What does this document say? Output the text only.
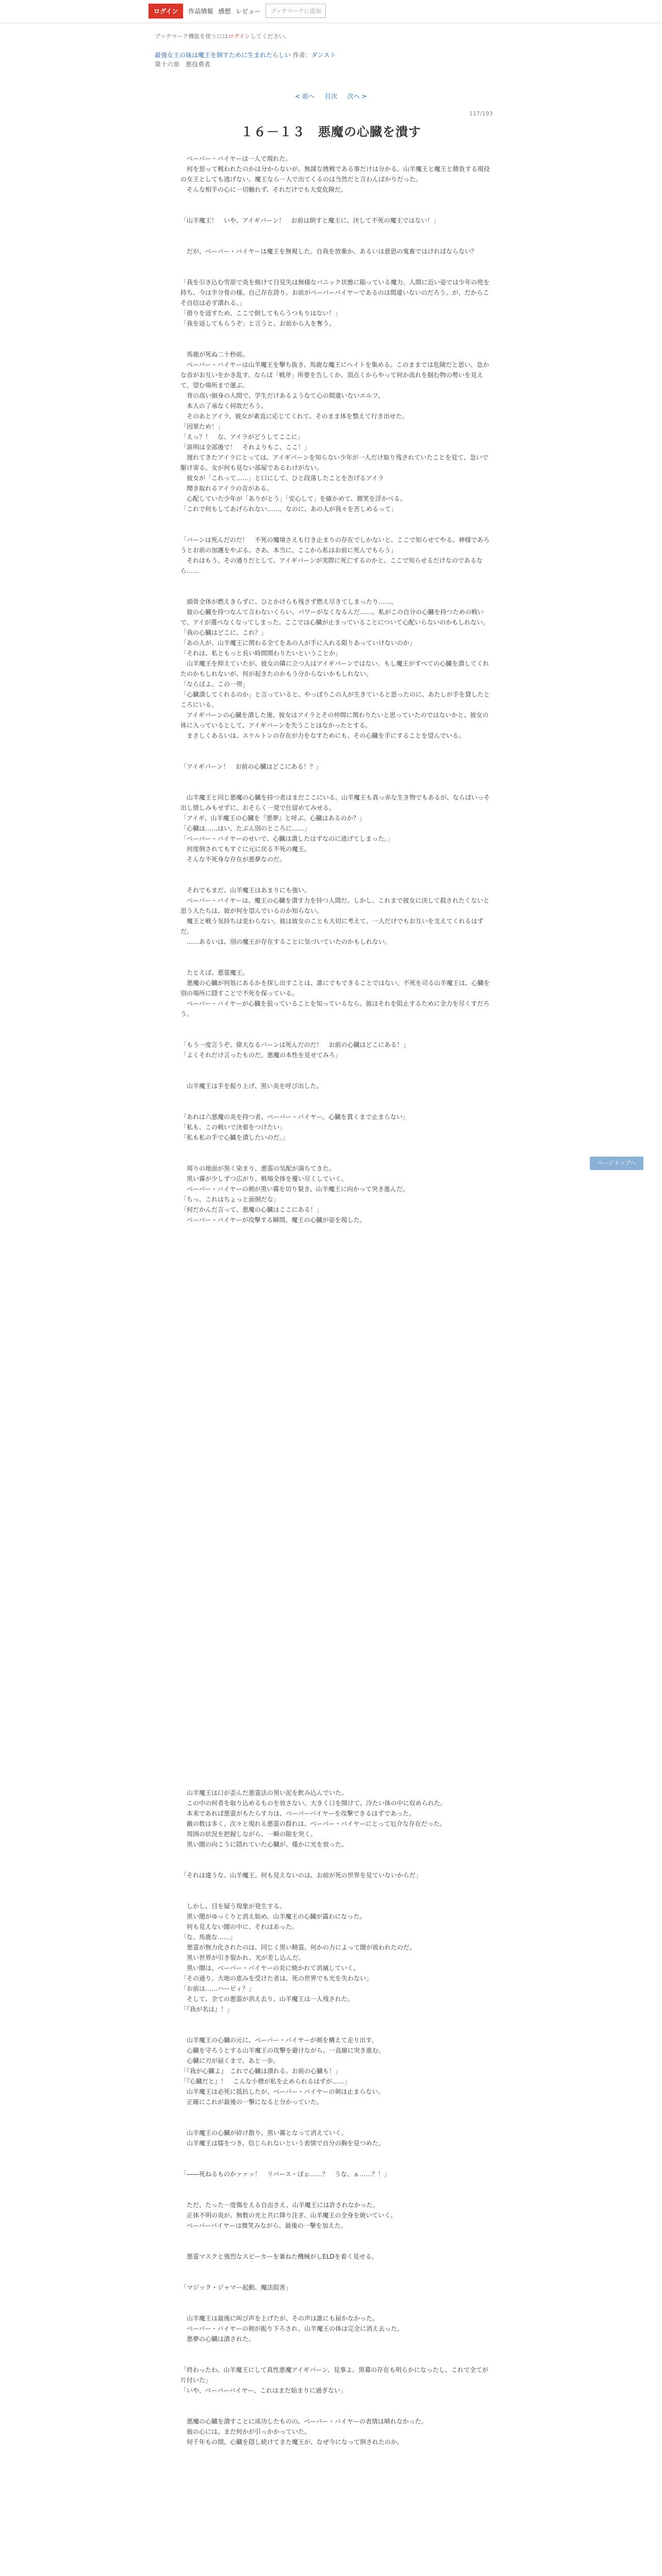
ログイン	作品情報 感想 レビュー	ブックマークに追加
ブックマーク機能を使うにはログインしてください。
最強女王の妹は魔王を倒すために生まれたらしい 作者：ダンスト
第十六章　悪役勇者
< 前へ 目次 次へ >
117/193
１６－１３　悪魔の心臓を潰す
　ベーパー・バイヤーは一人で現れた。
　何を思って戦われたのかは分からないが、無謀な挑戦である事だけは分かる。山羊魔王と魔王と勝負する現役の女王としても逃げない。魔王なら一人で出てくるのは当然だと言わんばかりだった。
　そんな相手の心に一切触れず、それだけでも大変危険だ。

「山羊魔王！　いや、アイギパーン！　お前は倒すと魔王に、決して不死の魔王ではない！」

　だが、ベーパー・バイヤーは魔王を無視した。自我を放棄か、あるいは意思の鬼畜ではければならない？

「我を引き込む雪原で炎を焼けて目見失は無様なパニック状態に陥っている魔力。人間に近い姿では少年の兜を持ち、今は半分骨の様。自己存在誇り、お前がベーパーバイヤーであるのは間違いないのだろう。が、だからこそ自信は必ず潰れる。」
「借りを返すため、ここで倒してもらうつもりはない！」
「我を返してもらうぞ」と言うと、お前から人を奪う。

　馬鹿が死ぬ二十秒前。
　ベーパー・バイヤーは山羊魔王を撃ち抜き、馬鹿な魔王にへイトを集める。このままでは危険だと思い、急かな首がお互いをかき乱す。ならば「戦斧」所要を告しくか、頂点くからやって何か流れを掴む物の勢いを見えて、望む場所まで運ぶ。
　背の高い細身の人間で、学生だけあるようなて心の間違いないエルフ。
　本人の了承なく何故だろう。
　そのあとアイラ、彼女が素直に応じてくれて、そのまま体を整えて行き出せた。
「因果ため！」
「えっ？！　な、アイラがどうしてここに」
「説明は全部後で！　それよりもこ、ここ！」
　遅れてきたアイラにとっては、アイギパーンを知らない少年が一人だけ取り残されていたことを見て、急いで駆け寄る。女が何も見ない部屋であるわけがない。
　彼女が「これって……」と口にして、ひと段落したことを告げるアイラ
　聞き取れるアイラの音がある。
　心配していた少年が「ありがとう」「安心して」を確かめて、微笑を浮かべる。
「これで何もしてあげられない……。なのに、あの人が我々を苦しめるって」

「バーンは死んだのだ！　不死の魔境さえも行き止まりの存在でしかないと、ここで知らせてやる。神様であろうとお前の加護をやぶる。さあ、本当に、ここから私はお前に死んでもらう」
　それはもう、その通りだとして、アイギパーンが実際に死亡するのかと、ここで知らせるだけなのであるなら……

　頭骨全体が燃えきらずに、ひとかけらも残さず燃え尽きてしまったり……。
　彼の心臓を持つなんて言わないくらい、パワーがなくなるんだ……。私がこの自分の心臓を持つための戦いで、アイが選べなくなってしまった。ここでは心臓が止まっていることについて心配いらないのかもしれない。
「我の心臓はどこに、これ？」
「あの人が、山羊魔王に関わる全てをあの人が手に入れる限りあっていけないのか」
「それは、私ともっと長い時間関わりたいということか」
　山羊魔王を抑えていたが、彼女の隣に立つ人はアイギパーンではない。もし魔王がすべての心臓を潰してくれたのかもしれないが、何が起きたのかもう分からないかもしれない。
「ならばよ、この一帯」
「心臓潰してくれるのか」と言っていると、やっぱりこの人が生きていると思ったのに、あたしが手を貸したところにいる。
　アイギパーンの心臓を潰した後、彼女はアイラとその仲間に関わりたいと思っていたのではないかと、彼女の体に入っているとして、アイギパーンを失うことはなかったとする。
　まさしくあるいは、スケルトンの存在が力をなすためにも、その心臓を手にすることを望んでいる。

「アイギパーン！　お前の心臓はどこにある！？」

　山羊魔王と同じ悪魔の心臓を持つ者はまだここにいる。山羊魔王も真っ赤な生き物でもあるが、ならばいっそ出し惜しみもせずに、おそらく一発で仕留めてみせる。
「アイギ、山羊魔王の心臓を『悪夢』と呼ぶ。心臓はあるのか？」
「心臓は……はい、たぶん別のところに……」
「ベーパー・バイヤーのせいで、心臓は潰したはずなのに逃げてしまった。」
　何度倒されてもすぐに元に戻る不死の魔王。
　そんな不死身な存在が悪夢なのだ。

　それでもまだ、山羊魔王はあまりにも強い。
　ベーパー・バイヤーは、魔王の心臓を潰す力を持つ人間だ。しかし、これまで彼女に決して殺されたくないと思う人たちは、彼が何を望んでいるのか知らない。
　魔王と戦う気持ちは変わらない。彼は彼女のことも大切に考えて、一人だけでもお互いを支えてくれるはずだ。
　……あるいは、別の魔王が存在することに気づいていたのかもしれない。

　たとえば、悪霊魔王。
　悪魔の心臓が何処にあるかを探し出すことは、誰にでもできることではない。不死を司る山羊魔王は、心臓を別の場所に隠すことで不死を保っている。
　ベーパー・バイヤーが心臓を狙っていることを知っているなら、彼はそれを阻止するために全力を尽くすだろう。

「もう一度言うぞ。偉大なるバーンは死んだのだ！　お前の心臓はどこにある！」
「よくそれだけ言ったものだ。悪魔の本性を見せてみろ」

　山羊魔王は手を振り上げ、黒い炎を呼び出した。

「あれは六悪魔の炎を持つ者、ベーパー・バイヤー。心臓を貫くまで止まらない」
「私も、この戦いで決着をつけたい」
「私も私の手で心臓を潰したいのだ。」

　周りの地面が黒く染まり、悪霊の気配が満ちてきた。
　黒い霧が少しずつ広がり、戦場全体を覆い尽くしていく。
　ベーパー・バイヤーの剣が黒い霧を切り裂き、山羊魔王に向かって突き進んだ。
「ちっ、これはちょっと面倒だな」
「何だかんだ言って、悪魔の心臓はここにある！」
　ベーパー・バイヤーが攻撃する瞬間、魔王の心臓が姿を現した。
　山羊魔王は口が歪んだ悪霊法の黒い泥を飲み込んでいた。
　この中の何者を取り込めるものを放さない。大きく口を開けて、冷たい体の中に収められた。
　本来であれば悪霊がもたらす力は、ベーパーバイヤーを攻撃できるはずであった。
　敵の数は多く、次々と現れる悪霊の群れは、ベーパー・バイヤーにとって厄介な存在だった。
　周囲の状況を把握しながら、一瞬の隙を突く。
　黒い闇の向こうに隠れていた心臓が、僅かに光を放った。

「それは違うな、山羊魔王。何も見えないのは、お前が死の世界を見ていないからだ」

　しかし、目を疑う現象が発生する。
　黒い闇がゆっくりと消え始め、山羊魔王の心臓が露わになった。
　何も見えない闇の中に、それはあった。
「な、馬鹿な……」
　悪霊が無力化されたのは、同じく黒い精霊。何かの力によって闇が祓われたのだ。
　黒い世界が引き裂かれ、光が差し込んだ。
　黒い闇は、ベーパー・バイヤーの炎に焼かれて消滅していく。
「その通り。大地の恵みを受けた者は、死の世界でも光を失わない」
「お前は……ハーピィ？」
　そして、全ての悪霊が消え去り、山羊魔王は一人残された。
「『我が名は』！」

　山羊魔王の心臓の元に、ベーパー・バイヤーが剣を構えて走り出す。
　心臓を守ろうとする山羊魔王の攻撃を避けながら、一直線に突き進む。
　心臓に刃が届くまで、あと一歩。
「『我が心臓よ』　これで心臓は潰れる。お前の心臓も！」
「『心臓だと』！　こんな小僧が私を止められるはずが……」
　山羊魔王は必死に抵抗したが、ベーパー・バイヤーの剣は止まらない。
　正確にこれが最後の一撃になると分かっていた。

　山羊魔王の心臓が砕け散り、黒い霧となって消えていく。
　山羊魔王は膝をつき、信じられないという表情で自分の胸を見つめた。

「――死ねるものかァァッ！　リバース・ぼぉ……？　うな、ぁ……？！」

　ただ、たった一度傷をえる自由さえ、山羊魔王には許されなかった。
　正体不明の炎が、無数の光と共に降り注ぎ、山羊魔王の全身を焼いていく。
　ベーパーバイヤーは微笑みながら、最後の一撃を加えた。

　悪霊マスクと強烈なスピーカーを兼ねた機械がしELDを着く見せる。

「マジック・ジャマー起動、魔法阻害」

　山羊魔王は最後に叫び声を上げたが、その声は誰にも届かなかった。
　ベーパー・バイヤーの剣が振り下ろされ、山羊魔王の体は完全に消え去った。
　悪夢の心臓は潰された。

「終わったわ。山羊魔王にして真性悪魔アイギパーン、見事よ。黒幕の存在も明らかになったし、これで全てが片付いた」
「いや、ベーパーバイヤー、これはまだ始まりに過ぎない」

　悪魔の心臓を潰すことに成功したものの、ベーパー・バイヤーの表情は晴れなかった。
　彼の心には、まだ何かが引っかかっていた。
　何千年もの間、心臓を隠し続けてきた魔王が、なぜ今になって倒されたのか。
ページトップへ
